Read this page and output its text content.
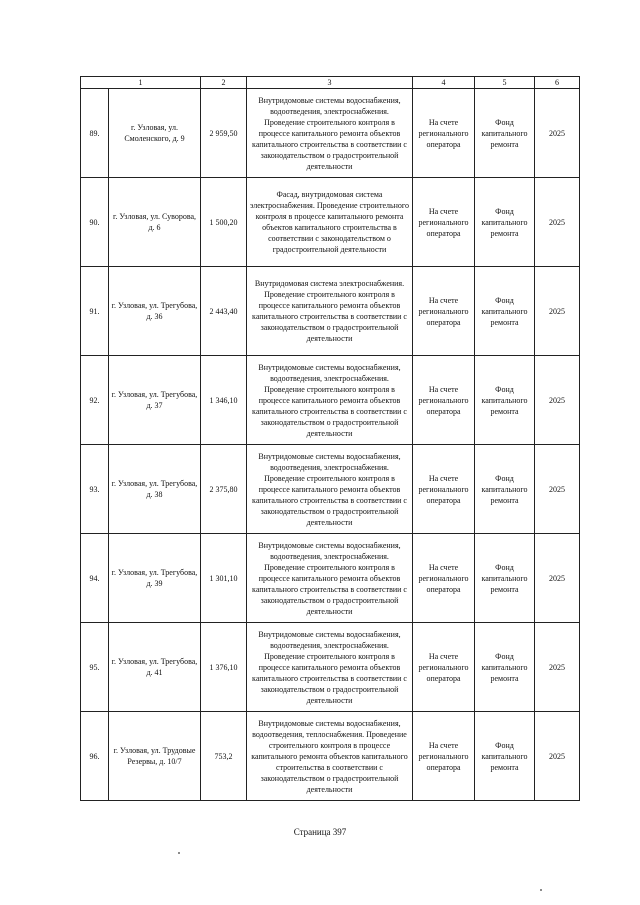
1		2	3	4	5	6
89.	г. Узловая, ул. Смоленского, д. 9	2 959,50	Внутридомовые системы водоснабжения, водоотведения, электроснабжения. Проведение строительного контроля в процессе капитального ремонта объектов капитального строительства в соответствии с законодательством о градостроительной деятельности	На счете регионального оператора	Фонд капитального ремонта	2025
90.	г. Узловая, ул. Суворова, д. 6	1 500,20	Фасад, внутридомовая система электроснабжения. Проведение строительного контроля в процессе капитального ремонта объектов капитального строительства в соответствии с законодательством о градостроительной деятельности	На счете регионального оператора	Фонд капитального ремонта	2025
91.	г. Узловая, ул. Трегубова, д. 36	2 443,40	Внутридомовая система электроснабжения. Проведение строительного контроля в процессе капитального ремонта объектов капитального строительства в соответствии с законодательством о градостроительной деятельности	На счете регионального оператора	Фонд капитального ремонта	2025
92.	г. Узловая, ул. Трегубова, д. 37	1 346,10	Внутридомовые системы водоснабжения, водоотведения, электроснабжения. Проведение строительного контроля в процессе капитального ремонта объектов капитального строительства в соответствии с законодательством о градостроительной деятельности	На счете регионального оператора	Фонд капитального ремонта	2025
93.	г. Узловая, ул. Трегубова, д. 38	2 375,80	Внутридомовые системы водоснабжения, водоотведения, электроснабжения. Проведение строительного контроля в процессе капитального ремонта объектов капитального строительства в соответствии с законодательством о градостроительной деятельности	На счете регионального оператора	Фонд капитального ремонта	2025
94.	г. Узловая, ул. Трегубова, д. 39	1 301,10	Внутридомовые системы водоснабжения, водоотведения, электроснабжения. Проведение строительного контроля в процессе капитального ремонта объектов капитального строительства в соответствии с законодательством о градостроительной деятельности	На счете регионального оператора	Фонд капитального ремонта	2025
95.	г. Узловая, ул. Трегубова, д. 41	1 376,10	Внутридомовые системы водоснабжения, водоотведения, электроснабжения. Проведение строительного контроля в процессе капитального ремонта объектов капитального строительства в соответствии с законодательством о градостроительной деятельности	На счете регионального оператора	Фонд капитального ремонта	2025
96.	г. Узловая, ул. Трудовые Резервы, д. 10/7	753,2	Внутридомовые системы водоснабжения, водоотведения, теплоснабжения. Проведение строительного контроля в процессе капитального ремонта объектов капитального строительства в соответствии с законодательством о градостроительной деятельности	На счете регионального оператора	Фонд капитального ремонта	2025
Страница 397
